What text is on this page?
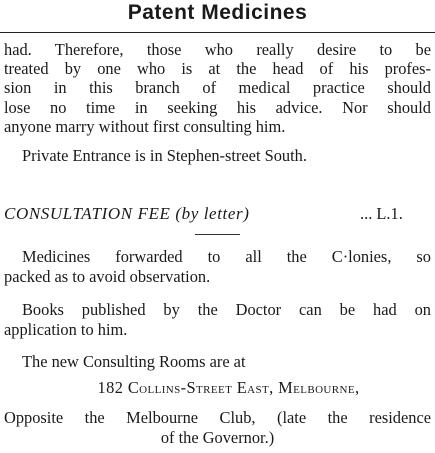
Patent Medicines
had. Therefore, those who really desire to be
treated by one who is at the head of his profes-
sion in this branch of medical practice should
lose no time in seeking his advice. Nor should
anyone marry without first consulting him.
Private Entrance is in Stephen-street South.
CONSULTATION FEE (by letter)	... L.1.
Medicines forwarded to all the C·lonies, so
packed as to avoid observation.
Books published by the Doctor can be had on
application to him.
The new Consulting Rooms are at
182 Collins-Street East, Melbourne,
Opposite the Melbourne Club, (late the residence
of the Governor.)
